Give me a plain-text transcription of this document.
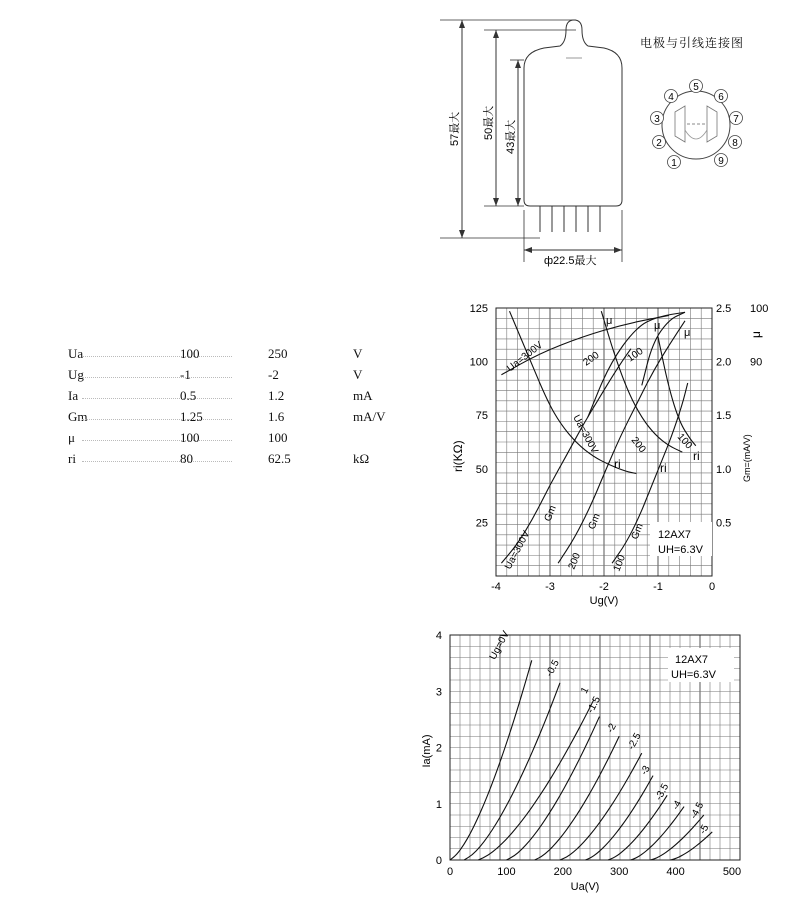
57最大 50最大 43最大
ф22.5最大
电极与引线连接图
1
2
3
4
5
6
7
8
9
Ua	100	250	V
Ug	-1	-2	V
Ia	0.5	1.2	mA
Gm	1.25	1.6	mA/V
μ	100	100
ri	80	62.5	kΩ
-4	-3	-2	-1	0
25
50
75
100
125
0.5
1.0
1.5
2.0
2.5
90
100
Ug(V)
ri(KΩ)	Gm=(mA/V)
μ
Ua=300V	200 100
μ	μ
μ
Ua=300V	200	100
ri	ri
ri
Ua=300V	200	100
Gm	Gm
Gm 12AX7
UH=6.3V
0	100	200	300	400	500
0
1
2
3
4
Ua(V)
Ia(mA)
Ug=0V
-0.5
1
-1.5
-2
-2.5
-3
-3.5
-4 -4.5
-5
12AX7
UH=6.3V
